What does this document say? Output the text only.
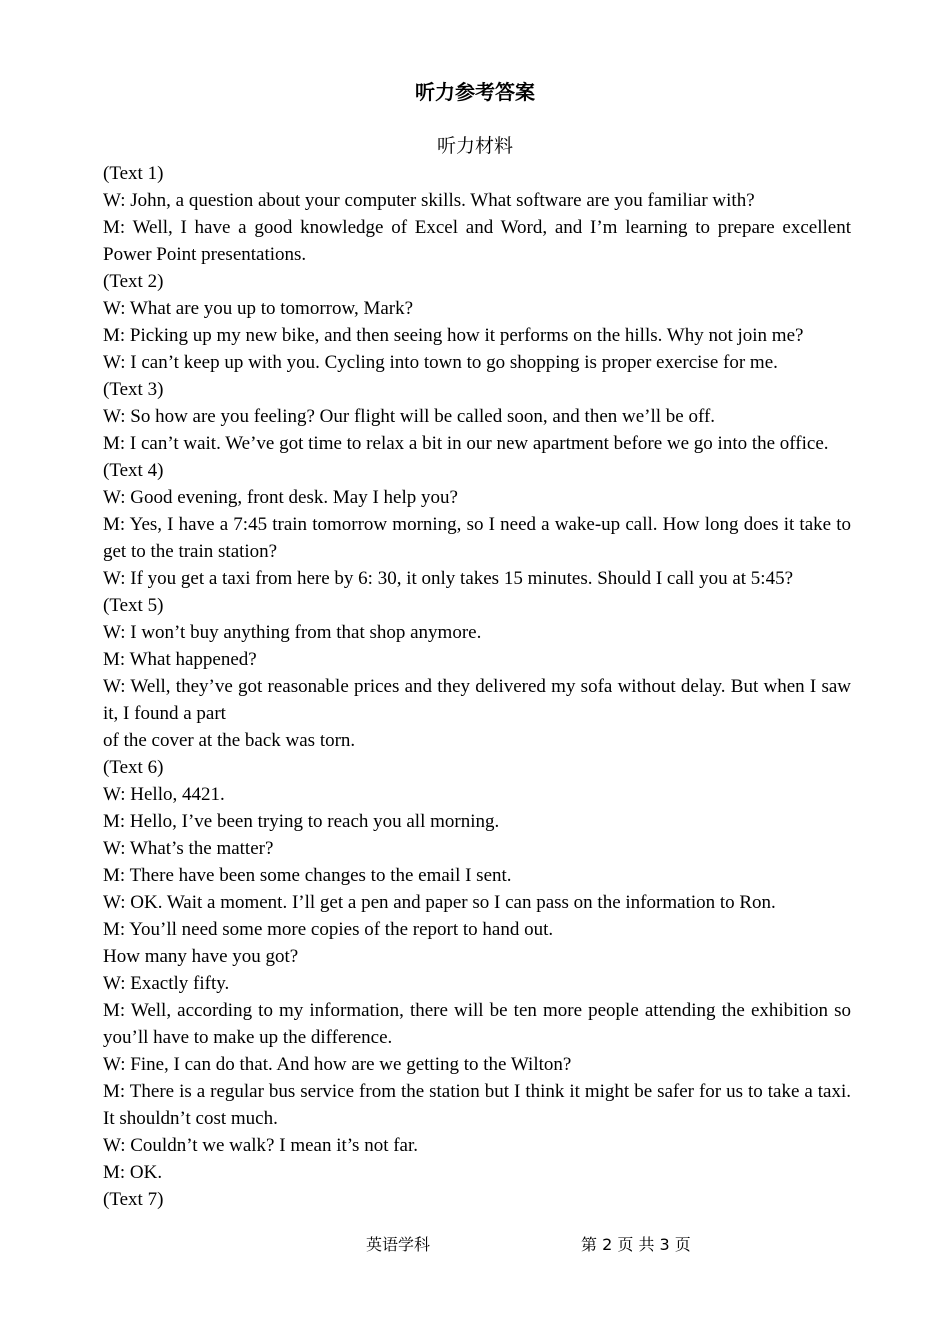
听力参考答案
听力材料
(Text 1)
W: John, a question about your computer skills. What software are you familiar with?
M: Well, I have a good knowledge of Excel and Word, and I’m learning to prepare excellent Power Point presentations.
(Text 2)
W: What are you up to tomorrow, Mark?
M: Picking up my new bike, and then seeing how it performs on the hills. Why not join me?
W: I can’t keep up with you. Cycling into town to go shopping is proper exercise for me.
(Text 3)
W: So how are you feeling? Our flight will be called soon, and then we’ll be off.
M: I can’t wait. We’ve got time to relax a bit in our new apartment before we go into the office.
(Text 4)
W: Good evening, front desk. May I help you?
M: Yes, I have a 7:45 train tomorrow morning, so I need a wake-up call. How long does it take to get to the train station?
W: If you get a taxi from here by 6: 30, it only takes 15 minutes. Should I call you at 5:45?
(Text 5)
W: I won’t buy anything from that shop anymore.
M: What happened?
W: Well, they’ve got reasonable prices and they delivered my sofa without delay. But when I saw it, I found a part
of the cover at the back was torn.
(Text 6)
W: Hello, 4421.
M: Hello, I’ve been trying to reach you all morning.
W: What’s the matter?
M: There have been some changes to the email I sent.
W: OK. Wait a moment. I’ll get a pen and paper so I can pass on the information to Ron.
M: You’ll need some more copies of the report to hand out.
How many have you got?
W: Exactly fifty.
M: Well, according to my information, there will be ten more people attending the exhibition so you’ll have to make up the difference.
W: Fine, I can do that. And how are we getting to the Wilton?
M: There is a regular bus service from the station but I think it might be safer for us to take a taxi. It shouldn’t cost much.
W: Couldn’t we walk? I mean it’s not far.
M: OK.
(Text 7)
英语学科	第 2 页 共 3 页
